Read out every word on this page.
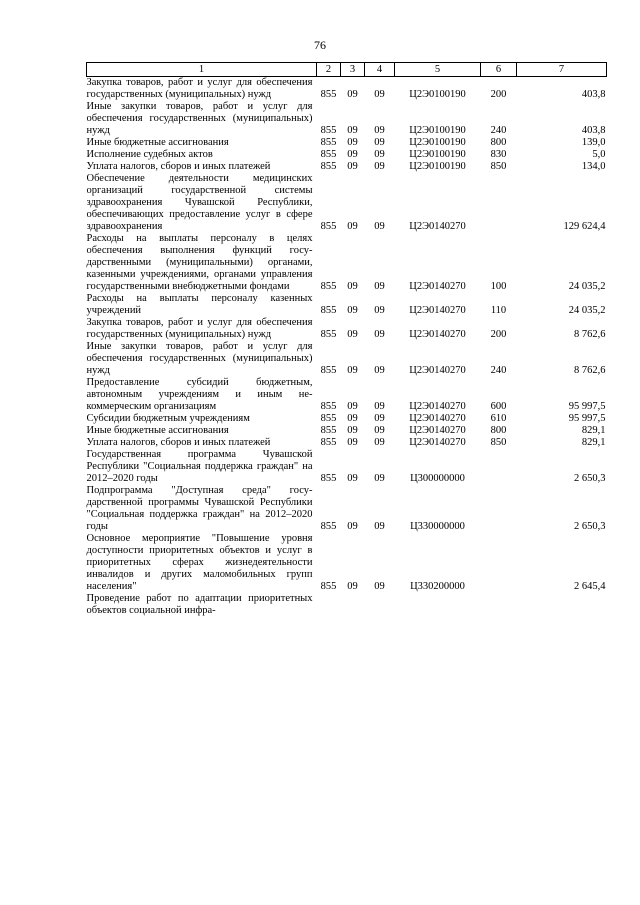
76
1	2	3	4	5	6	7
Закупка товаров, работ и услуг для обеспечения государственных (муниципальных) нужд	855	09	09	Ц2Э0100190	200	403,8
Иные закупки товаров, работ и услуг для обеспечения государственных (муниципальных) нужд	855	09	09	Ц2Э0100190	240	403,8
Иные бюджетные ассигнования	855	09	09	Ц2Э0100190	800	139,0
Исполнение судебных актов	855	09	09	Ц2Э0100190	830	5,0
Уплата налогов, сборов и иных платежей	855	09	09	Ц2Э0100190	850	134,0
Обеспечение деятельности медицинских организаций государственной системы здравоохранения Чувашской Республики, обеспечивающих предоставление услуг в сфере здравоохранения	855	09	09	Ц2Э0140270		129 624,4
Расходы на выплаты персоналу в целях обеспечения выполнения функций государственными (муниципальными) органами, казенными учреждениями, органами управления государственными внебюджетными фондами	855	09	09	Ц2Э0140270	100	24 035,2
Расходы на выплаты персоналу казенных учреждений	855	09	09	Ц2Э0140270	110	24 035,2
Закупка товаров, работ и услуг для обеспечения государственных (муниципальных) нужд	855	09	09	Ц2Э0140270	200	8 762,6
Иные закупки товаров, работ и услуг для обеспечения государственных (муниципальных) нужд	855	09	09	Ц2Э0140270	240	8 762,6
Предоставление субсидий бюджетным, автономным учреждениям и иным некоммерческим организациям	855	09	09	Ц2Э0140270	600	95 997,5
Субсидии бюджетным учреждениям	855	09	09	Ц2Э0140270	610	95 997,5
Иные бюджетные ассигнования	855	09	09	Ц2Э0140270	800	829,1
Уплата налогов, сборов и иных платежей	855	09	09	Ц2Э0140270	850	829,1
Государственная программа Чувашской Республики "Социальная поддержка граждан" на 2012–2020 годы	855	09	09	Ц300000000		2 650,3
Подпрограмма "Доступная среда" государственной программы Чувашской Республики "Социальная поддержка граждан" на 2012–2020 годы	855	09	09	Ц330000000		2 650,3
Основное мероприятие "Повышение уровня доступности приоритетных объектов и услуг в приоритетных сферах жизнедеятельности инвалидов и других маломобильных групп населения"	855	09	09	Ц330200000		2 645,4
Проведение работ по адаптации приоритетных объектов социальной инфра-						
